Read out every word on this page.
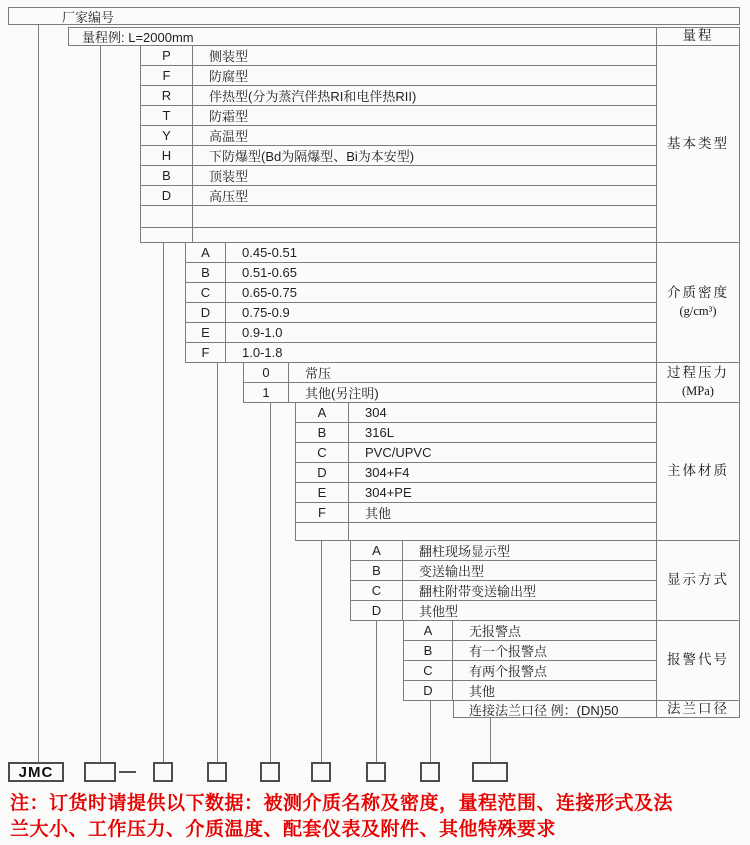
厂家编号
量程例: L=2000mm	量程
P	侧装型
F	防腐型
R	伴热型(分为蒸汽伴热RI和电伴热RII)
T	防霜型
Y	高温型
H	下防爆型(Bd为隔爆型、Bi为本安型)
B	顶装型
D	高压型
基本类型
A	0.45-0.51
B	0.51-0.65
C	0.65-0.75
D	0.75-0.9
E	0.9-1.0
F	1.0-1.8
介质密度
(g/cm³)
0	常压
1	其他(另注明)
过程压力
(MPa)
A	304
B	316L
C	PVC/UPVC
D	304+F4
E	304+PE
F	其他
主体材质
A	翻柱现场显示型
B	变送输出型
C	翻柱附带变送输出型
D	其他型
显示方式
A	无报警点
B	有一个报警点
C	有两个报警点
D	其他
报警代号
连接法兰口径 例：(DN)50	法兰口径
JMC
注：订货时请提供以下数据：被测介质名称及密度，量程范围、连接形式及法兰大小、工作压力、介质温度、配套仪表及附件、其他特殊要求
